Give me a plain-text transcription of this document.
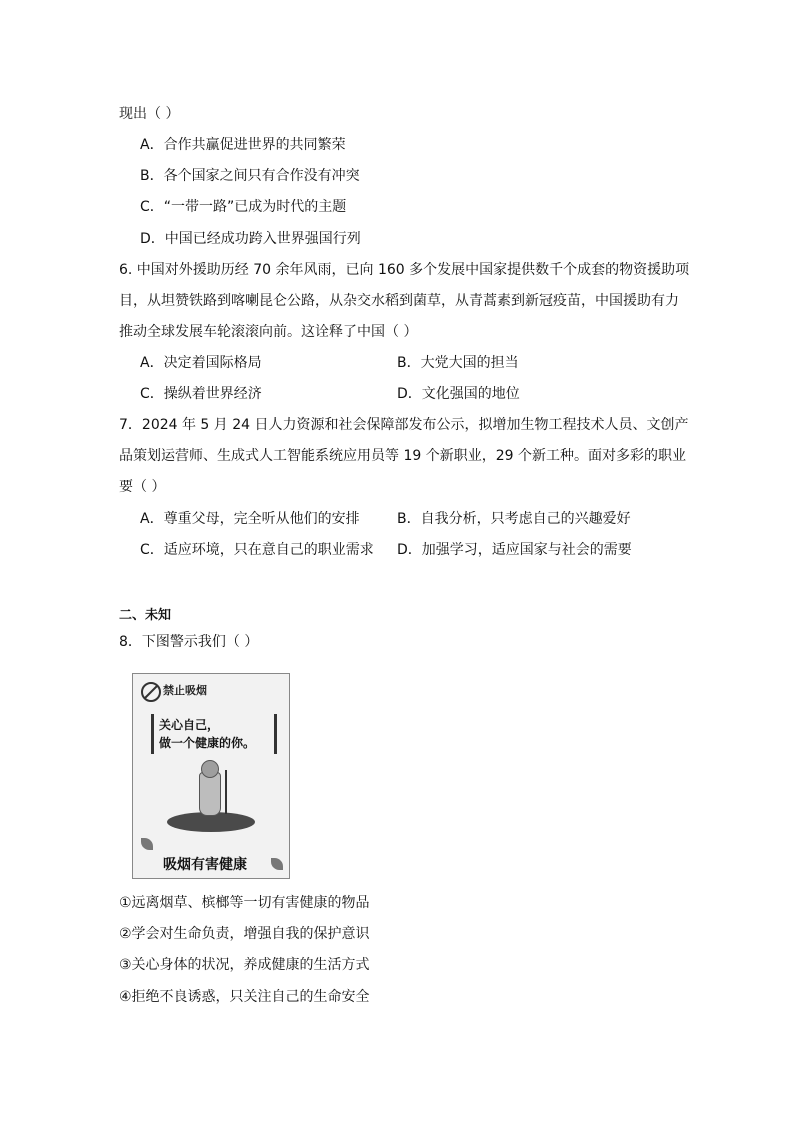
现出（ ）
A．合作共赢促进世界的共同繁荣
B．各个国家之间只有合作没有冲突
C．“一带一路”已成为时代的主题
D．中国已经成功跨入世界强国行列
6. 中国对外援助历经 70 余年风雨，已向 160 多个发展中国家提供数千个成套的物资援助项
目，从坦赞铁路到喀喇昆仑公路，从杂交水稻到菌草，从青蒿素到新冠疫苗，中国援助有力
推动全球发展车轮滚滚向前。这诠释了中国（ ）
A．决定着国际格局	B．大党大国的担当
C．操纵着世界经济	D．文化强国的地位
7．2024 年 5 月 24 日人力资源和社会保障部发布公示，拟增加生物工程技术人员、文创产
品策划运营师、生成式人工智能系统应用员等 19 个新职业，29 个新工种。面对多彩的职业
要（ ）
A．尊重父母，完全听从他们的安排	B．自我分析，只考虑自己的兴趣爱好
C．适应环境，只在意自己的职业需求 D．加强学习，适应国家与社会的需要
二、未知
8．下图警示我们（ ）
禁止吸烟
关心自己，
做一个健康的你。
吸烟有害健康
①远离烟草、槟榔等一切有害健康的物品
②学会对生命负责，增强自我的保护意识
③关心身体的状况，养成健康的生活方式
④拒绝不良诱惑，只关注自己的生命安全
